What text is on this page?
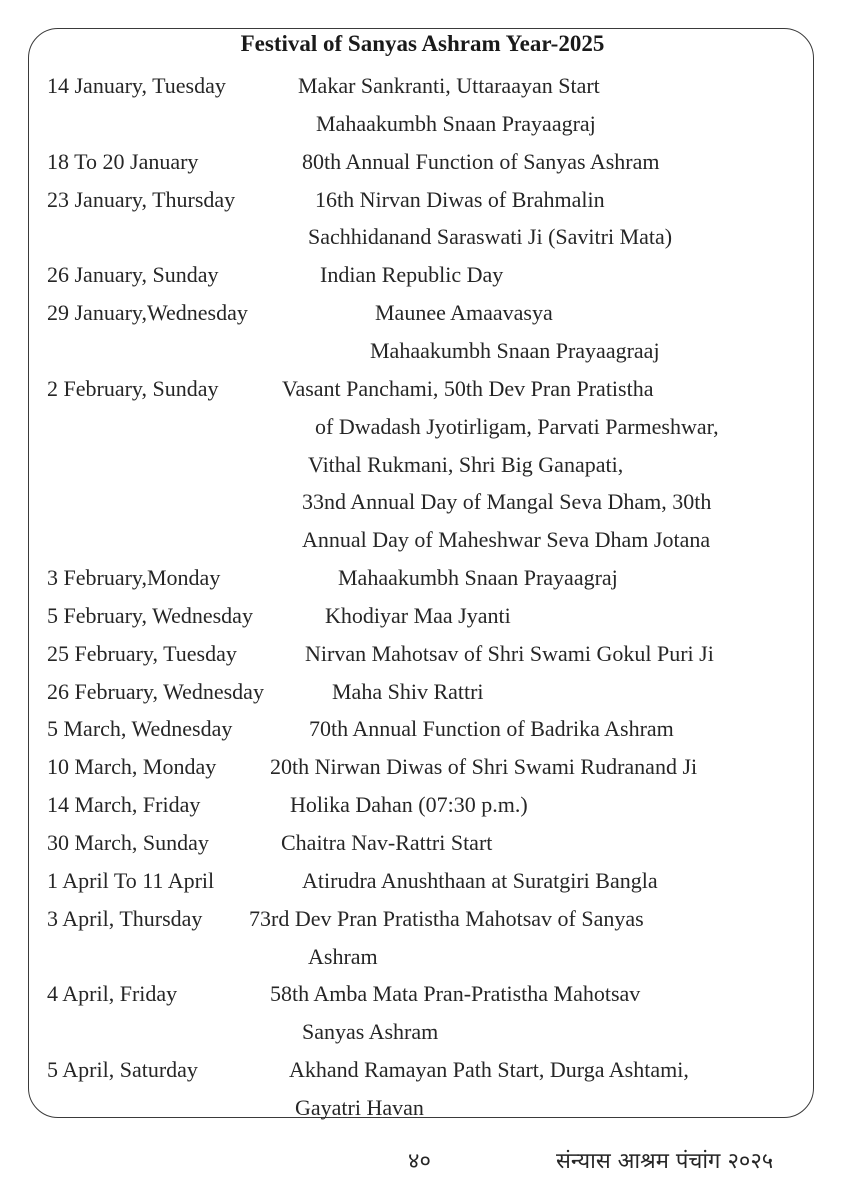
Festival of Sanyas Ashram Year-2025
14 January, Tuesday	Makar Sankranti, Uttaraayan Start
Mahaakumbh Snaan Prayaagraj
18 To 20 January	80th Annual Function of Sanyas Ashram
23 January, Thursday	16th Nirvan Diwas of Brahmalin
Sachhidanand Saraswati Ji (Savitri Mata)
26 January, Sunday	Indian Republic Day
29 January,Wednesday	Maunee Amaavasya
Mahaakumbh Snaan Prayaagraaj
2 February, Sunday	Vasant Panchami, 50th Dev Pran Pratistha
of Dwadash Jyotirligam, Parvati Parmeshwar,
Vithal Rukmani, Shri Big Ganapati,
33nd Annual Day of Mangal Seva Dham, 30th
Annual Day of Maheshwar Seva Dham Jotana
3 February,Monday	Mahaakumbh Snaan Prayaagraj
5 February, Wednesday	Khodiyar Maa Jyanti
25 February, Tuesday	Nirvan Mahotsav of Shri Swami Gokul Puri Ji
26 February, Wednesday	Maha Shiv Rattri
5 March, Wednesday	70th Annual Function of Badrika Ashram
10 March, Monday 20th Nirwan Diwas of Shri Swami Rudranand Ji
14 March, Friday	Holika Dahan (07:30 p.m.)
30 March, Sunday	Chaitra Nav-Rattri Start
1 April To 11 April	Atirudra Anushthaan at Suratgiri Bangla
3 April, Thursday 73rd Dev Pran Pratistha Mahotsav of Sanyas
Ashram
4 April, Friday	58th Amba Mata Pran-Pratistha Mahotsav
Sanyas Ashram
5 April, Saturday	Akhand Ramayan Path Start, Durga Ashtami,
Gayatri Havan
४०	संन्यास आश्रम पंचांग २०२५
